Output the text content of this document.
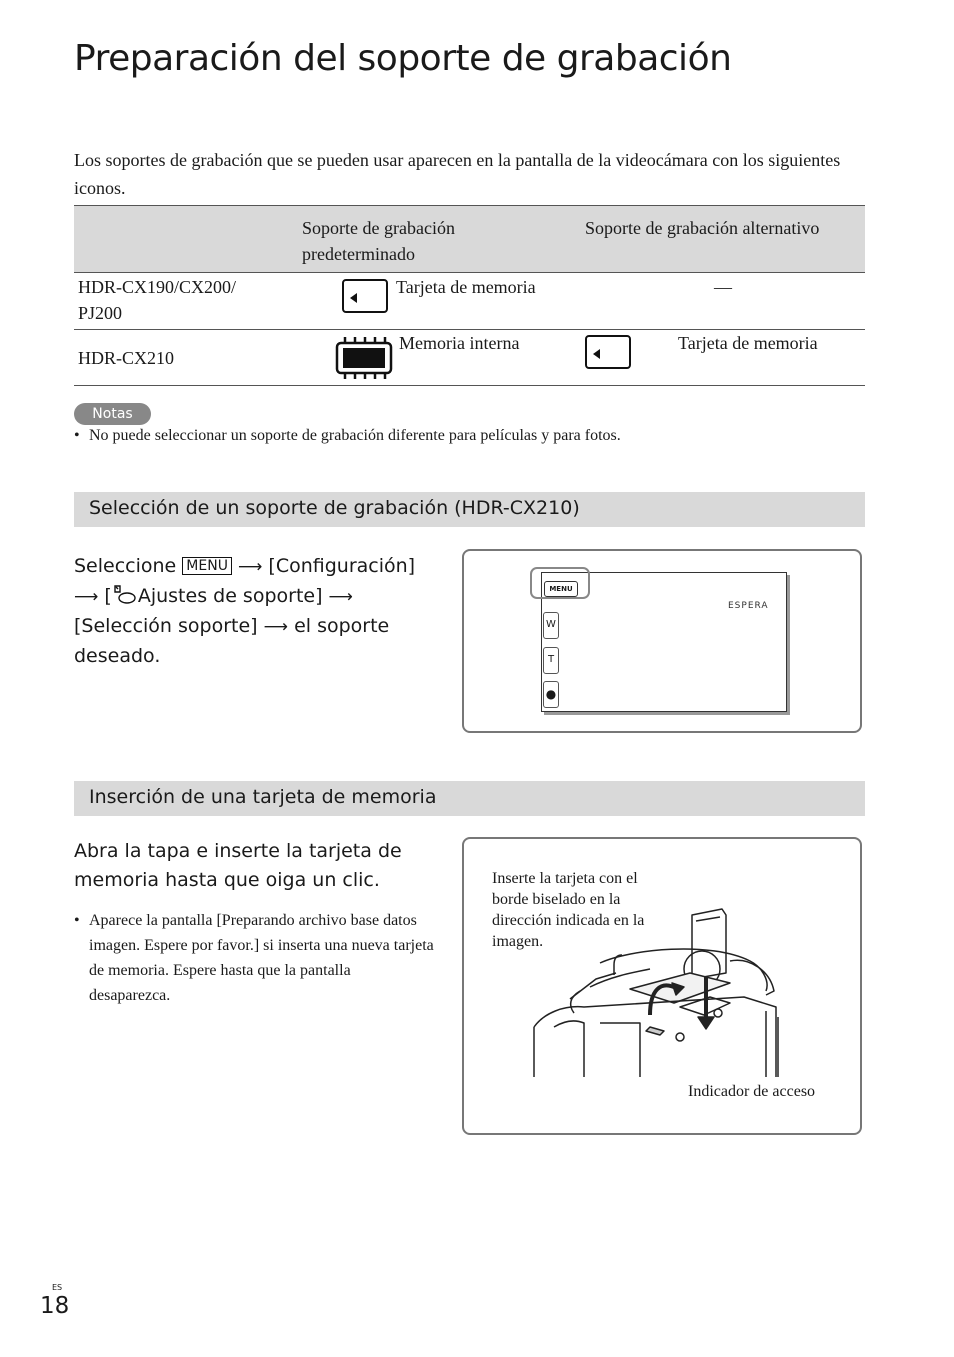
Preparación del soporte de grabación

Los soportes de grabación que se pueden usar aparecen en la pantalla de la videocámara con los siguientes iconos.

Soporte de grabación predeterminado
Soporte de grabación alternativo
HDR-CX190/CX200/ PJ200
Tarjeta de memoria	—
HDR-CX210
Memoria interna	Tarjeta de memoria
Notas
• No puede seleccionar un soporte de grabación diferente para películas y para fotos.
Selección de un soporte de grabación (HDR-CX210)
Seleccione MENU ⟶ [Configuración] ⟶ [ Ajustes de soporte] ⟶ [Selección soporte] ⟶ el soporte deseado.
ESPERA
MENU
W
T
●
Inserción de una tarjeta de memoria
Abra la tapa e inserte la tarjeta de memoria hasta que oiga un clic.
• Aparece la pantalla [Preparando archivo base datos imagen. Espere por favor.] si inserta una nueva tarjeta de memoria. Espere hasta que la pantalla desaparezca.
Inserte la tarjeta con el borde biselado en la dirección indicada en la imagen.
Indicador de acceso
ES
18
